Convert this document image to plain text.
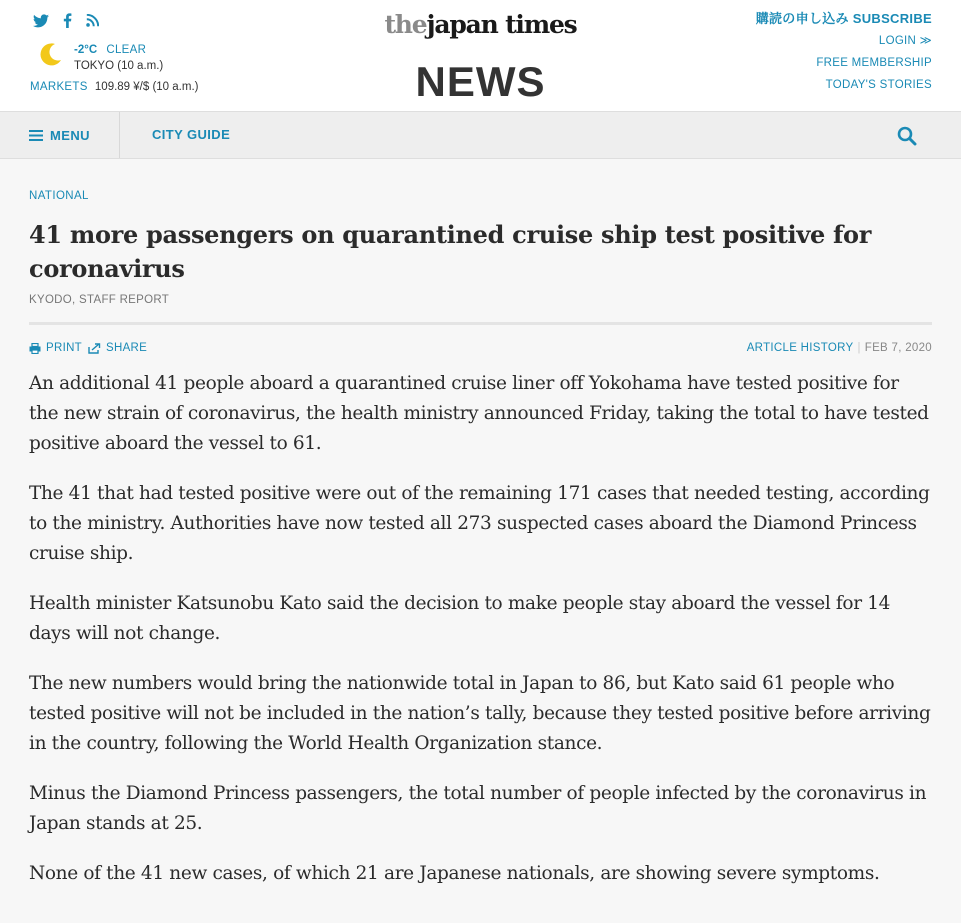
-2°C CLEAR
TOKYO (10 a.m.)
MARKETS 109.89 ¥/$ (10 a.m.)
thejapan times
NEWS
購読の申し込み SUBSCRIBE
LOGIN ≫
FREE MEMBERSHIP
TODAY'S STORIES
MENU	CITY GUIDE
NATIONAL
41 more passengers on quarantined cruise ship test positive for coronavirus
KYODO, STAFF REPORT
PRINT SHARE	ARTICLE HISTORY | FEB 7, 2020

An additional 41 people aboard a quarantined cruise liner off Yokohama have tested positive for the new strain of coronavirus, the health ministry announced Friday, taking the total to have tested positive aboard the vessel to 61.

The 41 that had tested positive were out of the remaining 171 cases that needed testing, according to the ministry. Authorities have now tested all 273 suspected cases aboard the Diamond Princess cruise ship.

Health minister Katsunobu Kato said the decision to make people stay aboard the vessel for 14 days will not change.

The new numbers would bring the nationwide total in Japan to 86, but Kato said 61 people who tested positive will not be included in the nation’s tally, because they tested positive before arriving in the country, following the World Health Organization stance.

Minus the Diamond Princess passengers, the total number of people infected by the coronavirus in Japan stands at 25.

None of the 41 new cases, of which 21 are Japanese nationals, are showing severe symptoms.
